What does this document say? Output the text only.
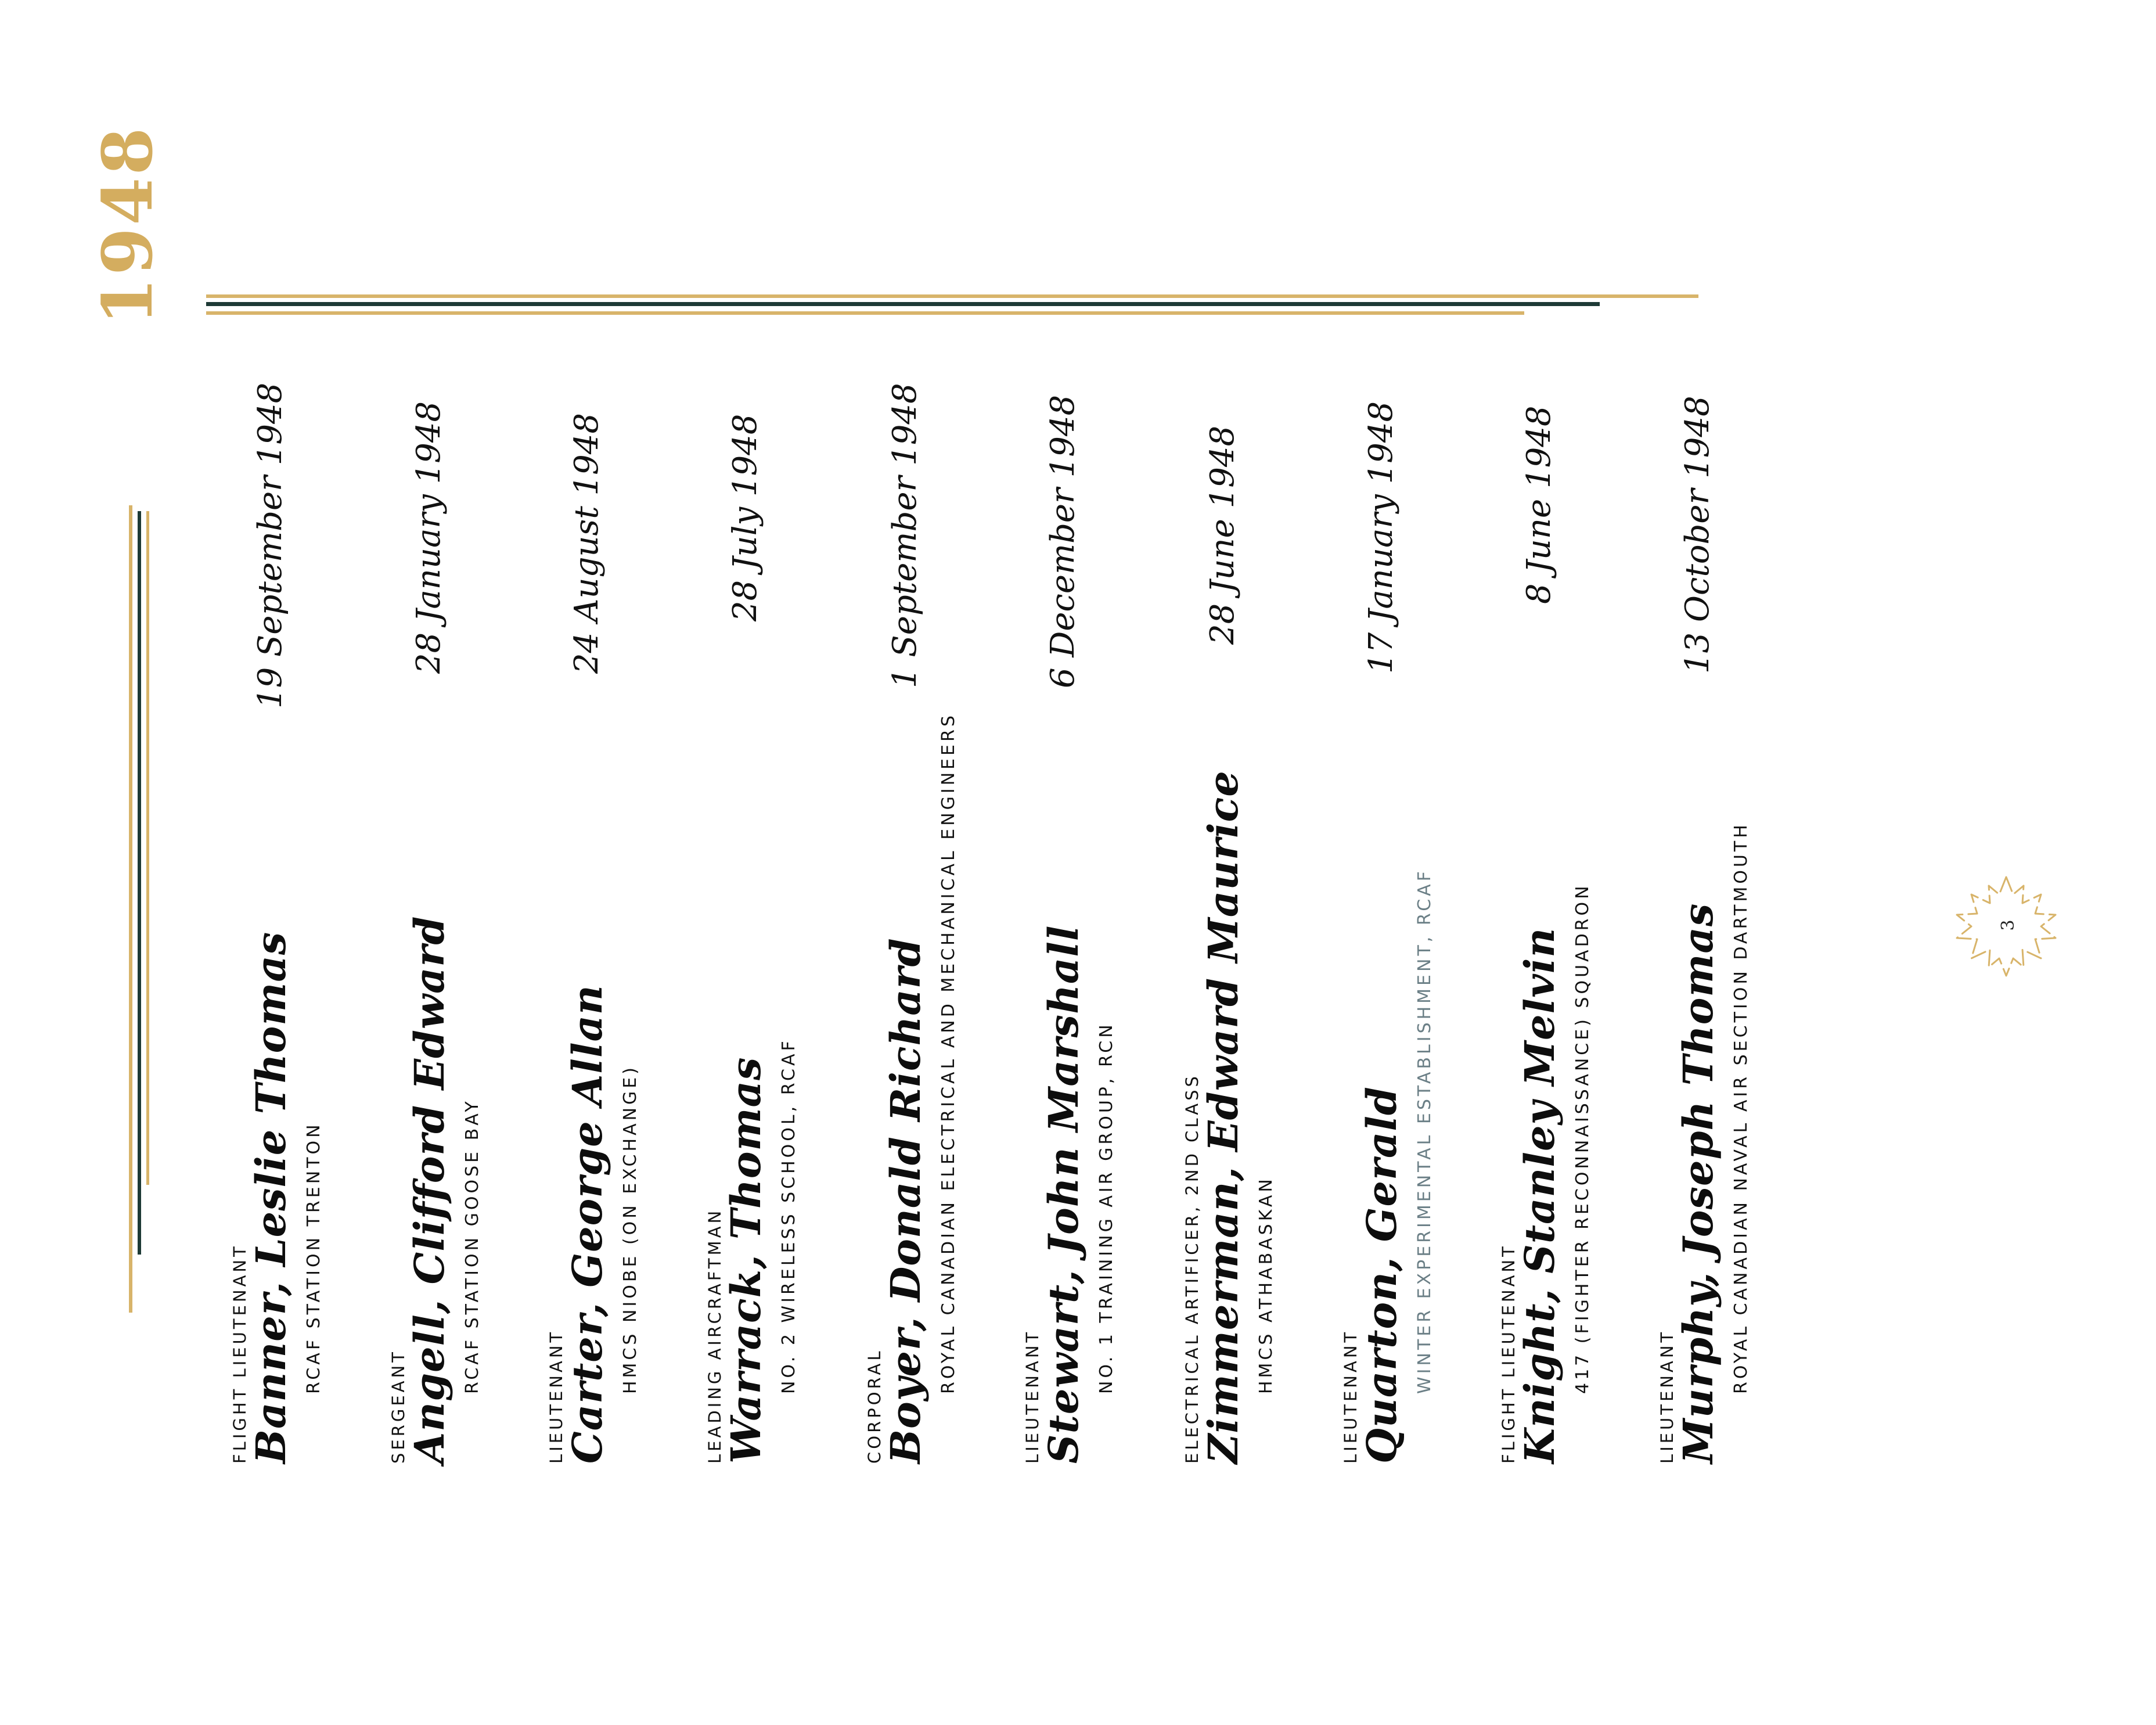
1948
FLIGHT LIEUTENANT
Banner, Leslie Thomas RCAF STATION TRENTON
19 September 1948
SERGEANT
Angell, Clifford Edward RCAF STATION GOOSE BAY
28 January 1948
LIEUTENANT
Carter, George Allan HMCS NIOBE (ON EXCHANGE)
24 August 1948
LEADING AIRCRAFTMAN
Warrack, Thomas NO. 2 WIRELESS SCHOOL, RCAF
28 July 1948
CORPORAL
Boyer, Donald Richard ROYAL CANADIAN ELECTRICAL AND MECHANICAL ENGINEERS
1 September 1948
LIEUTENANT
Stewart, John Marshall NO. 1 TRAINING AIR GROUP, RCN
6 December 1948
ELECTRICAL ARTIFICER, 2ND CLASS
Zimmerman, Edward Maurice HMCS ATHABASKAN
28 June 1948
LIEUTENANT
Quarton, Gerald WINTER EXPERIMENTAL ESTABLISHMENT, RCAF
17 January 1948
FLIGHT LIEUTENANT
Knight, Stanley Melvin 417 (FIGHTER RECONNAISSANCE) SQUADRON
8 June 1948
LIEUTENANT
Murphy, Joseph Thomas ROYAL CANADIAN NAVAL AIR SECTION DARTMOUTH
13 October 1948
3
